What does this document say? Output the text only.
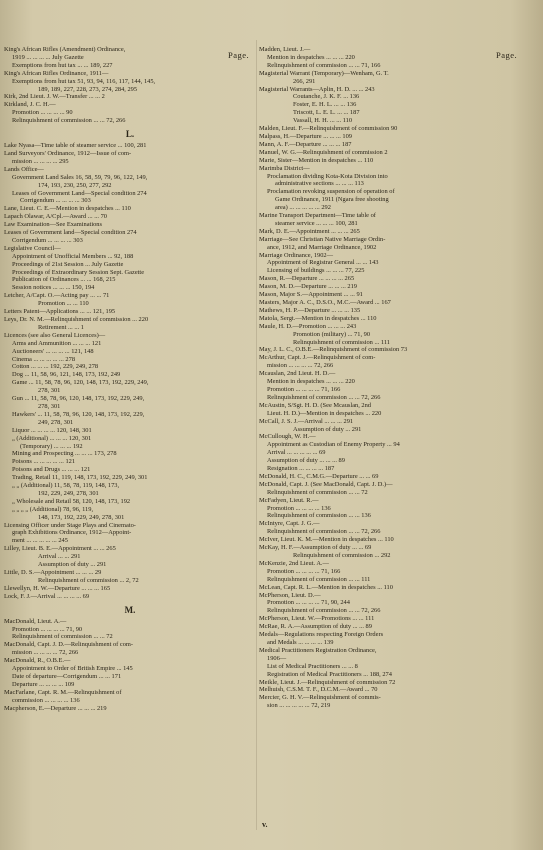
Page.	Page.
King's African Rifles (Amendment) Ordinance,
1919 ... ... ... ... July Gazette
Exemptions from hut tax ... ... 189, 227
King's African Rifles Ordinance, 1911—
Exemptions from hut tax 51, 93, 94, 116, 117, 144, 145,
189, 189, 227, 228, 273, 274, 284, 295
Kirk, 2nd Lieut. J. W.—Transfer ... ... 2
Kirkland, J. C. H.—
Promotion ... ... ... ... 90
Relinquishment of commission ... ... 72, 266
L.
Lake Nyasa—Time table of steamer service ... 100, 281
Land Surveyors' Ordinance, 1912—Issue of com-
mission ... ... ... ... 295
Lands Office—
Government Land Sales 16, 58, 59, 79, 96, 122, 149,
174, 193, 230, 250, 277, 292
Leases of Government Land—Special condition 274
Corrigendum ... ... ... ... 303
Lane, Lieut. C. E.—Mention in despatches ... 110
Lapach Olawar, A/Cpl.—Award ... ... 70
Law Examination—See Examinations
Leases of Government land—Special condition 274
Corrigendum ... ... ... ... 303
Legislative Council—
Appointment of Unofficial Members ... 92, 188
Proceedings of 21st Session ... July Gazette
Proceedings of Extraordinary Session Sept. Gazette
Publication of Ordinances ... ... 168, 215
Session notices ... ... ... 150, 194
Letcher, A/Capt. O.—Acting pay ... ... 71
Promotion ... ... 110
Letters Patent—Applications ... ... 121, 195
Leys, Dr. N. M.—Relinquishment of commission ... 220
Retirement ... ... 1
Licences (see also General Licences)—
Arms and Ammunition ... ... ... 121
Auctioneers' ... ... ... ... 121, 148
Cinema ... ... ... ... ... 278
Cotton ... ... ... 192, 229, 249, 278
Dog ... 11, 58, 96, 121, 148, 173, 192, 249
Game ... 11, 58, 78, 96, 120, 148, 173, 192, 229, 249,
278, 301
Gun ... 11, 58, 78, 96, 120, 148, 173, 192, 229, 249,
278, 301
Hawkers' ... 11, 58, 78, 96, 120, 148, 173, 192, 229,
249, 278, 301
Liquor ... ... ... ... 120, 148, 301
„ (Additional) ... ... ... 120, 301
(Temporary) ... ... ... 192
Mining and Prospecting ... ... ... 173, 278
Poisons ... ... ... ... ... 121
Poisons and Drugs ... ... ... 121
Trading, Retail 11, 119, 148, 173, 192, 229, 249, 301
„ „ (Additional) 11, 58, 78, 119, 148, 173,
192, 229, 249, 278, 301
„ Wholesale and Retail 58, 120, 148, 173, 192
„ „ „ „ (Additional) 78, 96, 119,
148, 173, 192, 229, 249, 278, 301
Licensing Officer under Stage Plays and Cinemato-
graph Exhibitions Ordinance, 1912—Appoint-
ment ... ... ... ... ... 245
Lilley, Lieut. B. E.—Appointment ... ... 265
Arrival ... ... 291
Assumption of duty ... 291
Little, D. S.—Appointment ... ... ... 29
Relinquishment of commission ... 2, 72
Llewellyn, H. W.—Departure ... ... ... 165
Lock, F. J.—Arrival ... ... ... ... 69
M.
MacDonald, Lieut. A.—
Promotion ... ... ... ... 71, 90
Relinquishment of commission ... ... 72
MacDonald, Capt. J. D.—Relinquishment of com-
mission ... ... ... ... 72, 266
MacDonald, R., O.B.E.—
Appointment to Order of British Empire ... 145
Date of departure—Corrigendum ... ... 171
Departure ... ... ... ... 109
MacFarlane, Capt. R. M.—Relinquishment of
commission ... ... ... ... 136
Macpherson, E.—Departure ... ... ... 219
Madden, Lieut. J.—
Mention in despatches ... ... ... 220
Relinquishment of commission ... ... 71, 166
Magisterial Warrant (Temporary)—Wenham, G. T.
266, 291
Magisterial Warrants—Aplin, H. D. ... ... 243
Coutanche, J. K. F. ... 136
Foster, E. H. L. ... ... 136
Triscott, L. E. L. ... ... 187
Vassall, H. H. ... ... 110
Malden, Lieut. F.—Relinquishment of commission 90
Malpass, H.—Departure ... ... ... 109
Mann, A. F.—Departure ... ... ... 187
Manuel, W. G.—Relinquishment of commission 2
Marie, Sister—Mention in despatches ... 110
Marimba District—
Proclamation dividing Kota-Kota Division into
administrative sections ... ... ... 113
Proclamation revoking suspension of operation of
Game Ordinance, 1911 (Ngara free shooting
area) ... ... ... ... ... 292
Marine Transport Department—Time table of
steamer service ... ... ... 100, 281
Mark, D. E.—Appointment ... ... ... 265
Marriage—See Christian Native Marriage Ordin-
ance, 1912, and Marriage Ordinance, 1902
Marriage Ordinance, 1902—
Appointment of Registrar General ... ... 143
Licensing of buildings ... ... ... 77, 225
Mason, R.—Departure ... ... ... ... 265
Mason, M. D.—Departure ... ... ... 219
Mason, Major S.—Appointment ... ... 91
Masters, Major A. C., D.S.O., M.C.—Award ... 167
Mathews, H. P.—Departure ... ... ... 135
Matola, Sergt.—Mention in despatches ... 110
Maule, H. D.—Promotion ... ... ... 243
Promotion (military) ... 71, 90
Relinquishment of commission ... 111
May, J. L. C., O.B.E.—Relinquishment of commission 73
McArthur, Capt. J.—Relinquishment of com-
mission ... ... ... ... 72, 266
Mcauslan, 2nd Lieut. H. D.—
Mention in despatches ... ... ... 220
Promotion ... ... ... ... 71, 166
Relinquishment of commission ... ... 72, 266
McAustin, S/Sgt. H. D. (See Mcauslan, 2nd
Lieut. H. D.)—Mention in despatches ... 220
McCall, J. S. J.—Arrival ... ... ... 291
Assumption of duty ... 291
McCullough, W. H.—
Appointment as Custodian of Enemy Property ... 94
Arrival ... ... ... ... ... 69
Assumption of duty ... ... ... 89
Resignation ... ... ... ... 187
McDonald, H. C., C.M.G.—Departure ... ... 69
McDonald, Capt. J. (See MacDonald, Capt. J. D.)—
Relinquishment of commission ... ... 72
McFadyen, Lieut. R.—
Promotion ... ... ... ... 136
Relinquishment of commission ... ... 136
McIntyre, Capt. J. G.—
Relinquishment of commission ... ... 72, 266
McIver, Lieut. K. M.—Mention in despatches ... 110
McKay, H. F.—Assumption of duty ... ... 69
Relinquishment of commission ... 292
McKenzie, 2nd Lieut. A.—
Promotion ... ... ... ... 71, 166
Relinquishment of commission ... ... 111
McLean, Capt. R. L.—Mention in despatches ... 110
McPherson, Lieut. D.—
Promotion ... ... ... ... 71, 90, 244
Relinquishment of commission ... ... 72, 266
McPherson, Lieut. W.—Promotions ... ... 111
McRae, R. A.—Assumption of duty ... ... 89
Medals—Regulations respecting Foreign Orders
and Medals ... ... ... ... 139
Medical Practitioners Registration Ordinance,
1906—
List of Medical Practitioners ... ... 8
Registration of Medical Practitioners ... 188, 274
Meikle, Lieut. J.—Relinquishment of commission 72
Melhuish, C.S.M. T. F., D.C.M.—Award ... 70
Mercier, G. H. V.—Relinquishment of commis-
sion ... ... ... ... ... 72, 219
v.
